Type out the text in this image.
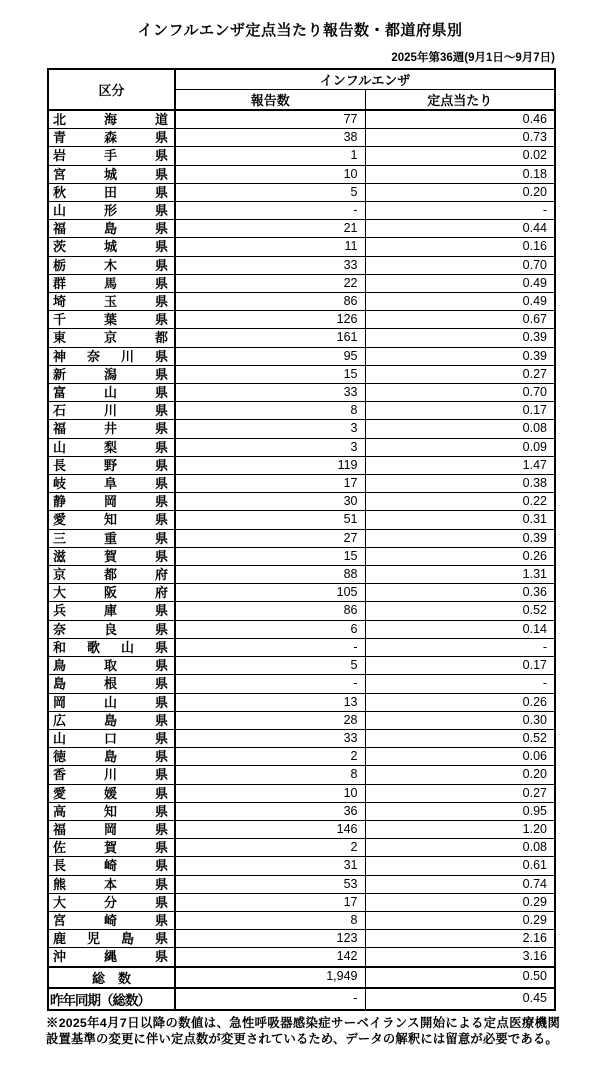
インフルエンザ定点当たり報告数・都道府県別
2025年第36週(9月1日～9月7日)
区分	インフルエンザ	
	報告数	定点当たり

北 海 道	77	0.46

青 森 県	38	0.73

岩 手 県	1	0.02

宮 城 県	10	0.18

秋 田 県	5	0.20

山 形 県	-	-

福 島 県	21	0.44

茨 城 県	11	0.16

栃 木 県	33	0.70

群 馬 県	22	0.49

埼 玉 県	86	0.49

千 葉 県	126	0.67

東 京 都	161	0.39

神 奈 川 県	95	0.39

新 潟 県	15	0.27

富 山 県	33	0.70

石 川 県	8	0.17

福 井 県	3	0.08

山 梨 県	3	0.09

長 野 県	119	1.47

岐 阜 県	17	0.38

静 岡 県	30	0.22

愛 知 県	51	0.31

三 重 県	27	0.39

滋 賀 県	15	0.26

京 都 府	88	1.31

大 阪 府	105	0.36

兵 庫 県	86	0.52

奈 良 県	6	0.14

和 歌 山 県	-	-

鳥 取 県	5	0.17

島 根 県	-	-

岡 山 県	13	0.26

広 島 県	28	0.30

山 口 県	33	0.52

徳 島 県	2	0.06

香 川 県	8	0.20

愛 媛 県	10	0.27

高 知 県	36	0.95

福 岡 県	146	1.20

佐 賀 県	2	0.08

長 崎 県	31	0.61

熊 本 県	53	0.74

大 分 県	17	0.29

宮 崎 県	8	0.29

鹿 児 島 県	123	2.16

沖 縄 県	142	3.16
総　数	1,949	0.50
昨年同期（総数）	-	0.45
※2025年4月7日以降の数値は、急性呼吸器感染症サーベイランス開始による定点医療機関設置基準の変更に伴い定点数が変更されているため、データの解釈には留意が必要である。
